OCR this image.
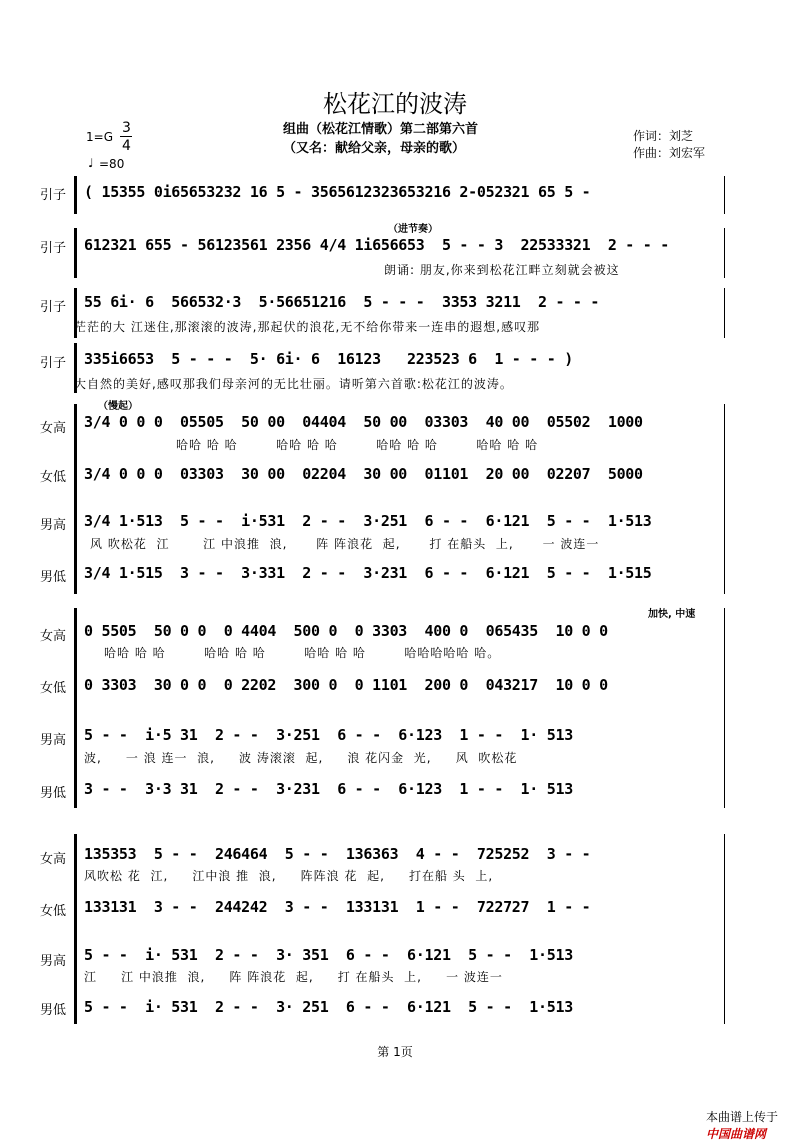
松花江的波涛
组曲（松花江情歌）第二部第六首
（又名：献给父亲，母亲的歌）
1=G
3
4
♩ =80
作词：刘芝
作曲：刘宏军
引子	( 15355 0i65653232 16 5 - 3565612323653216 2-052321 65 5 -
（进节奏）
引子	612321 655 - 56123561 2356 4/4 1i656653  5 - - 3  22533321  2 - - -
朗诵: 朋友,你来到松花江畔立刻就会被这
引子	55 6i· 6  566532·3  5·56651216  5 - - -  3353 3211  2 - - -
茫茫的大 江迷住,那滚滚的波涛,那起伏的浪花,无不给你带来一连串的遐想,感叹那
引子	335i6653  5 - - -  5· 6i· 6  16123   223523 6  1 - - - )
大自然的美好,感叹那我们母亲河的无比壮丽。请听第六首歌:松花江的波涛。
（慢起）
女高	3/4 0 0 0  05505  50 00  04404  50 00  03303  40 00  05502  1000
哈哈 哈 哈        哈哈 哈 哈        哈哈 哈 哈        哈哈 哈 哈
女低	3/4 0 0 0  03303  30 00  02204  30 00  01101  20 00  02207  5000
男高	3/4 1·513  5 - -  i·531  2 - -  3·251  6 - -  6·121  5 - -  1·513
风 吹松花  江       江 中浪推  浪,      阵 阵浪花  起,      打 在船头  上,      一 波连一
男低	3/4 1·515  3 - -  3·331  2 - -  3·231  6 - -  6·121  5 - -  1·515
加快, 中速
女高	0 5505  50 0 0  0 4404  500 0  0 3303  400 0  065435  10 0 0
哈哈 哈 哈        哈哈 哈 哈        哈哈 哈 哈        哈哈哈哈哈 哈。
女低	0 3303  30 0 0  0 2202  300 0  0 1101  200 0  043217  10 0 0
男高	5 - -  i·5 31  2 - -  3·251  6 - -  6·123  1 - -  1· 513
波,     一 浪 连一  浪,     波 涛滚滚  起,     浪 花闪金  光,     风  吹松花
男低	3 - -  3·3 31  2 - -  3·231  6 - -  6·123  1 - -  1· 513
女高	135353  5 - -  246464  5 - -  136363  4 - -  725252  3 - -
风吹松 花  江,     江中浪 推  浪,     阵阵浪 花  起,     打在船 头  上,
女低	133131  3 - -  244242  3 - -  133131  1 - -  722727  1 - -
男高	5 - -  i· 531  2 - -  3· 351  6 - -  6·121  5 - -  1·513
江     江 中浪推  浪,     阵 阵浪花  起,     打 在船头  上,     一 波连一
男低	5 - -  i· 531  2 - -  3· 251  6 - -  6·121  5 - -  1·513
第 1页

本曲谱上传于
中国曲谱网
